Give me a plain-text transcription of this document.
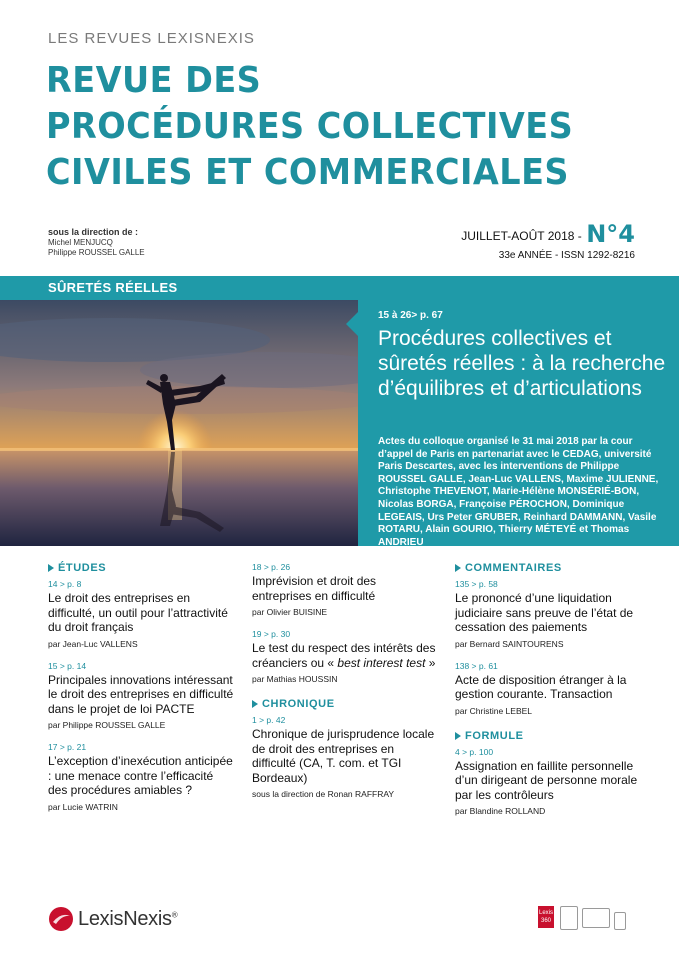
LES REVUES LEXISNEXIS
REVUE DES
PROCÉDURES COLLECTIVES
CIVILES ET COMMERCIALES
sous la direction de :
Michel MENJUCQ
Philippe ROUSSEL GALLE
JUILLET-AOÛT 2018 - N°4
33e ANNÉE - ISSN 1292-8216
SÛRETÉS RÉELLES
15 à 26> p. 67
Procédures collectives et sûretés réelles : à la recherche d’équilibres et d’articulations
Actes du colloque organisé le 31 mai 2018 par la cour d’appel de Paris en partenariat avec le CEDAG, université Paris Descartes, avec les interventions de Philippe ROUSSEL GALLE, Jean-Luc VALLENS, Maxime JULIENNE, Christophe THEVENOT, Marie-Hélène MONSÉRIÉ-BON, Nicolas BORGA, Françoise PÉROCHON, Dominique LEGEAIS, Urs Peter GRUBER, Reinhard DAMMANN, Vasile ROTARU, Alain GOURIO, Thierry MÉTEYÉ et Thomas ANDRIEU
ÉTUDES
14 > p. 8
Le droit des entreprises en difficulté, un outil pour l’attractivité du droit français
par Jean-Luc VALLENS
15 > p. 14
Principales innovations intéressant le droit des entreprises en difficulté dans le projet de loi PACTE
par Philippe ROUSSEL GALLE
17 > p. 21
L’exception d’inexécution anticipée : une menace contre l’efficacité des procédures amiables ?
par Lucie WATRIN
18 > p. 26
Imprévision et droit des entreprises en difficulté
par Olivier BUISINE
19 > p. 30
Le test du respect des intérêts des créanciers ou « best interest test »
par Mathias HOUSSIN
CHRONIQUE
1 > p. 42
Chronique de jurisprudence locale de droit des entreprises en difficulté (CA, T. com. et TGI Bordeaux)
sous la direction de Ronan RAFFRAY
COMMENTAIRES
135 > p. 58
Le prononcé d’une liquidation judiciaire sans preuve de l’état de cessation des paiements
par Bernard SAINTOURENS
138 > p. 61
Acte de disposition étranger à la gestion courante. Transaction
par Christine LEBEL
FORMULE
4 > p. 100
Assignation en faillite personnelle d’un dirigeant de personne morale par les contrôleurs
par Blandine ROLLAND
LexisNexis®	Lexis 360
